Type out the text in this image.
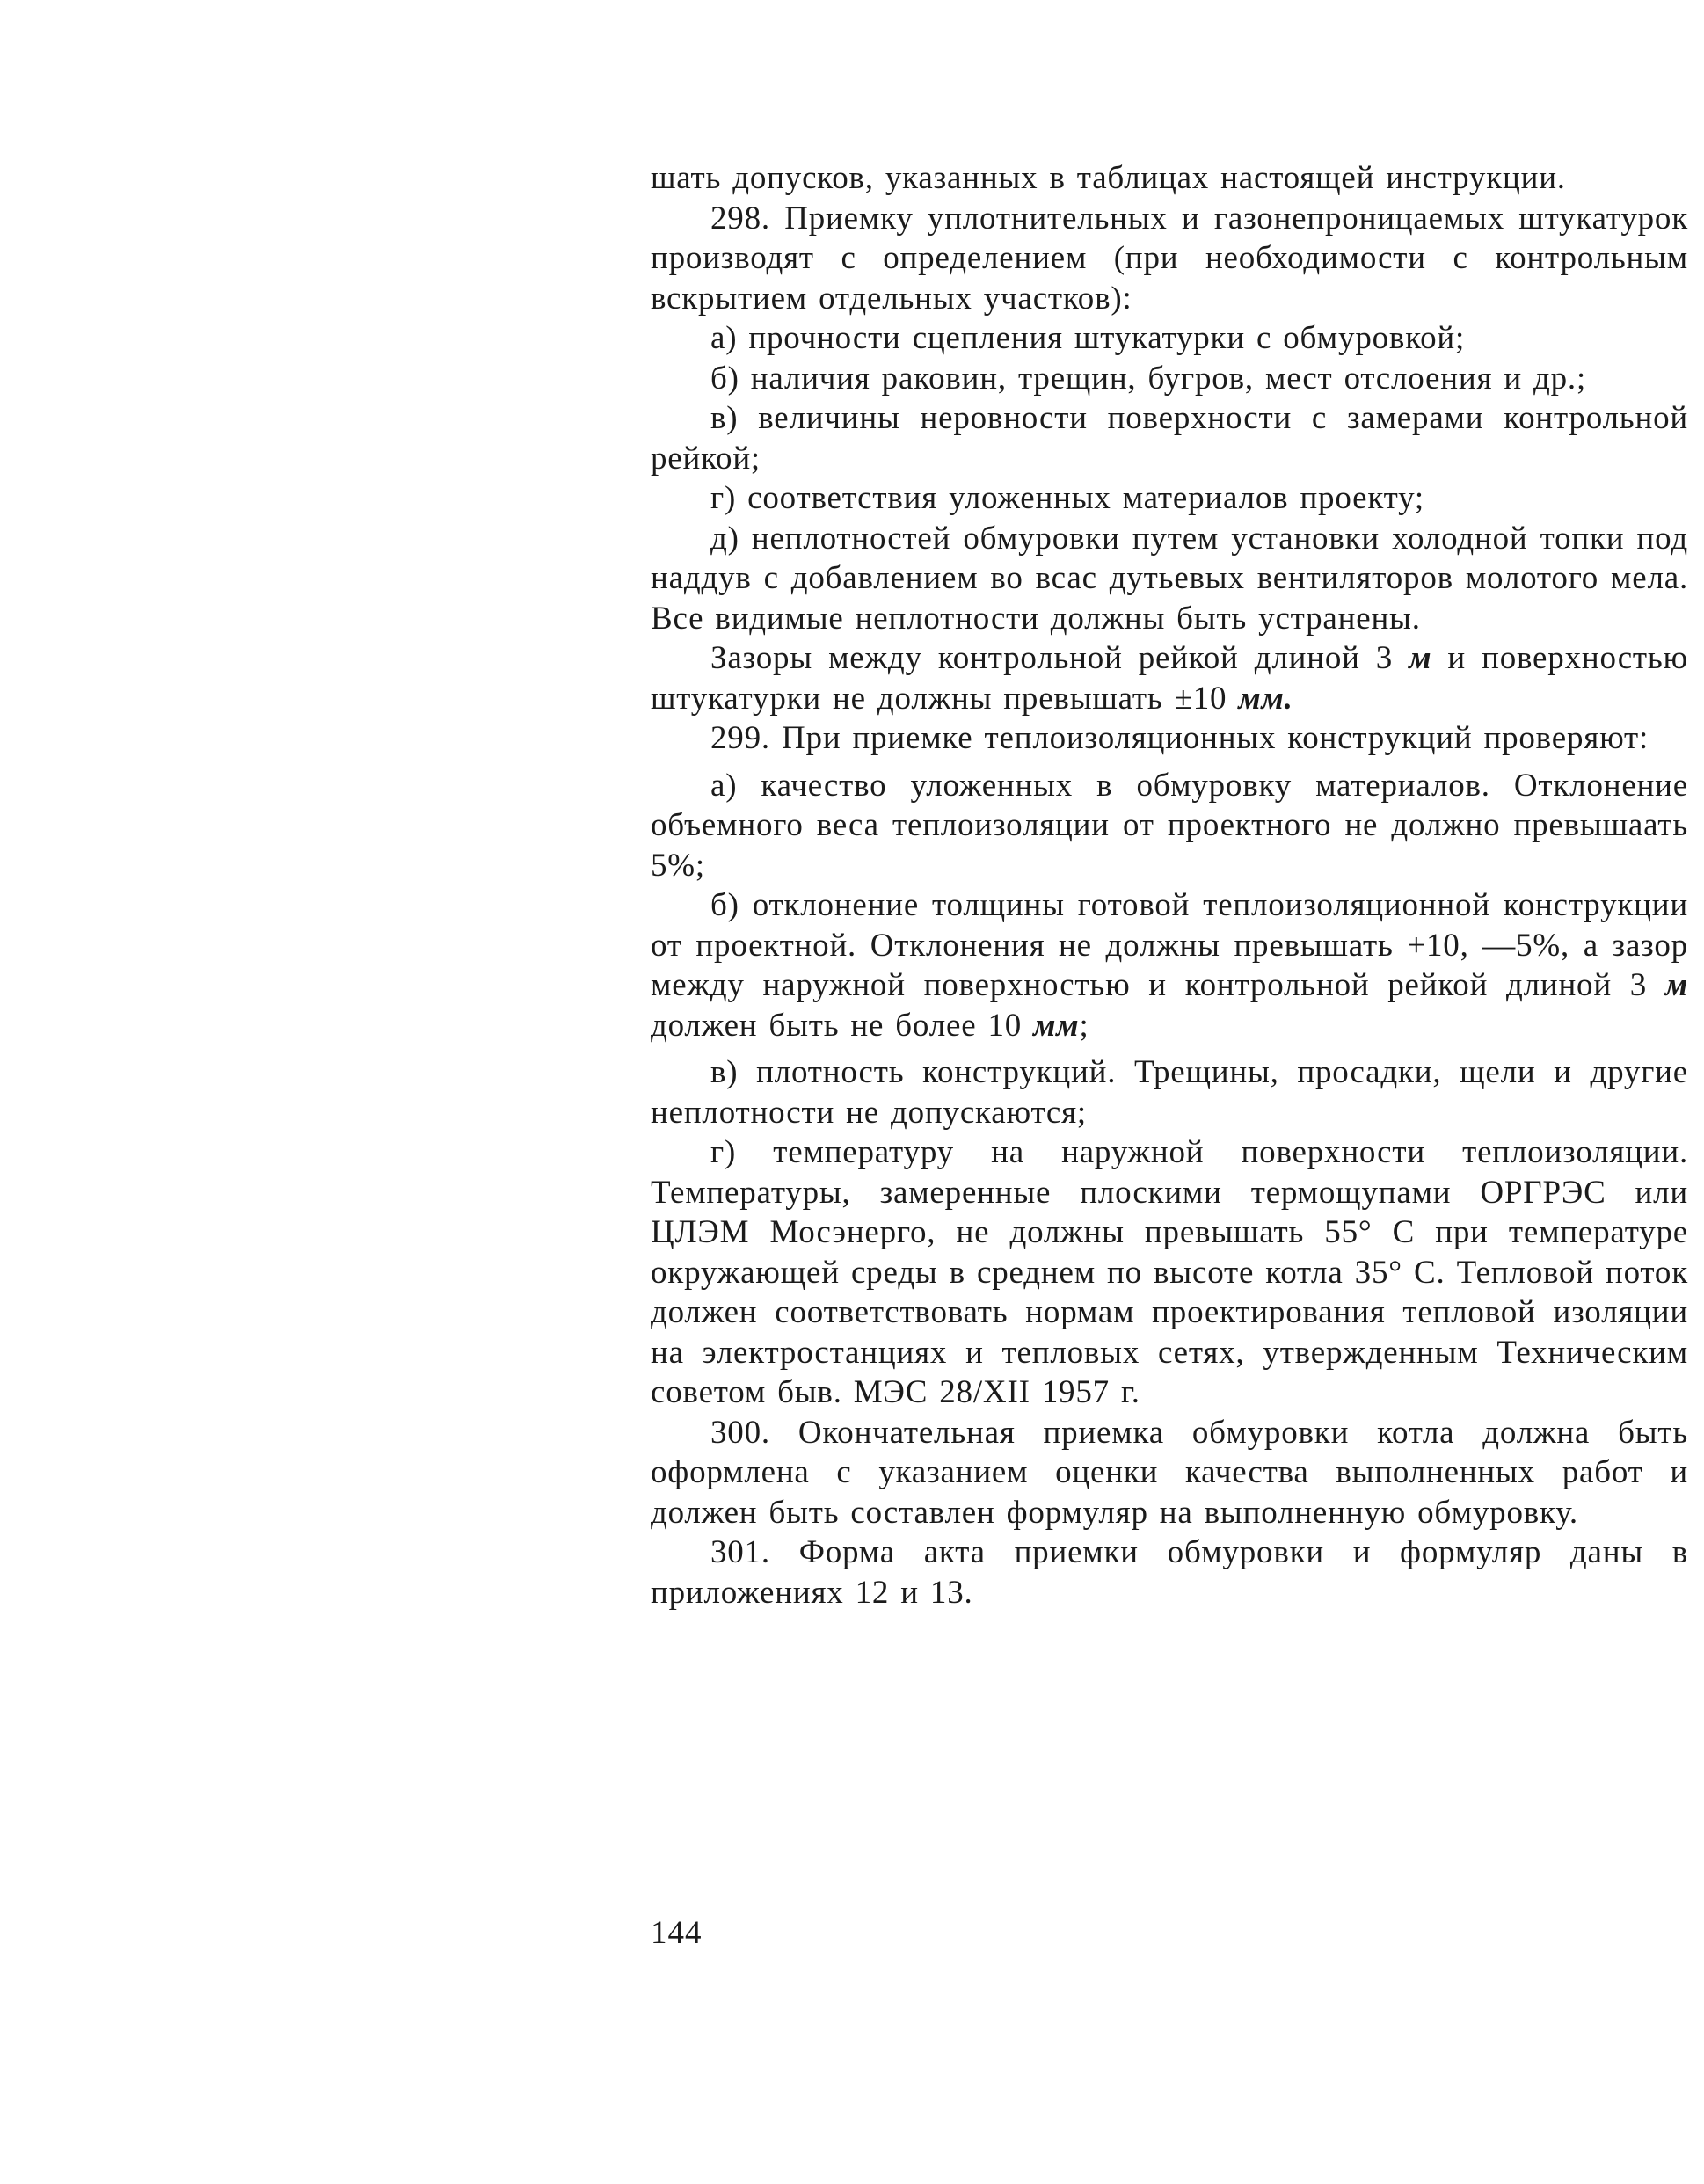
шать допусков, указанных в таблицах настоящей инструкции.

298. Приемку уплотнительных и газонепроницаемых штукатурок производят с определением (при необходимости с контрольным вскрытием отдельных участков):

а) прочности сцепления штукатурки с обмуровкой;

б) наличия раковин, трещин, бугров, мест отслоения и др.;

в) величины неровности поверхности с замерами контрольной рейкой;

г) соответствия уложенных материалов проекту;

д) неплотностей обмуровки путем установки холодной топки под наддув с добавлением во всас дутьевых вентиляторов молотого мела. Все видимые неплотности должны быть устранены.

Зазоры между контрольной рейкой длиной 3 м и поверхностью штукатурки не должны превышать ±10 мм.

299. При приемке теплоизоляционных конструкций проверяют:

а) качество уложенных в обмуровку материалов. Отклонение объемного веса теплоизоляции от проектного не должно превышаать 5%;

б) отклонение толщины готовой теплоизоляционной конструкции от проектной. Отклонения не должны превышать +10, —5%, а зазор между наружной поверхностью и контрольной рейкой длиной 3 м должен быть не более 10 мм;

в) плотность конструкций. Трещины, просадки, щели и другие неплотности не допускаются;

г) температуру на наружной поверхности теплоизоляции. Температуры, замеренные плоскими термощупами ОРГРЭС или ЦЛЭМ Мосэнерго, не должны превышать 55° С при температуре окружающей среды в среднем по высоте котла 35° С. Тепловой поток должен соответствовать нормам проектирования тепловой изоляции на электростанциях и тепловых сетях, утвержденным Техническим советом быв. МЭС 28/XII 1957 г.

300. Окончательная приемка обмуровки котла должна быть оформлена с указанием оценки качества выполненных работ и должен быть составлен формуляр на выполненную обмуровку.

301. Форма акта приемки обмуровки и формуляр даны в приложениях 12 и 13.

144
